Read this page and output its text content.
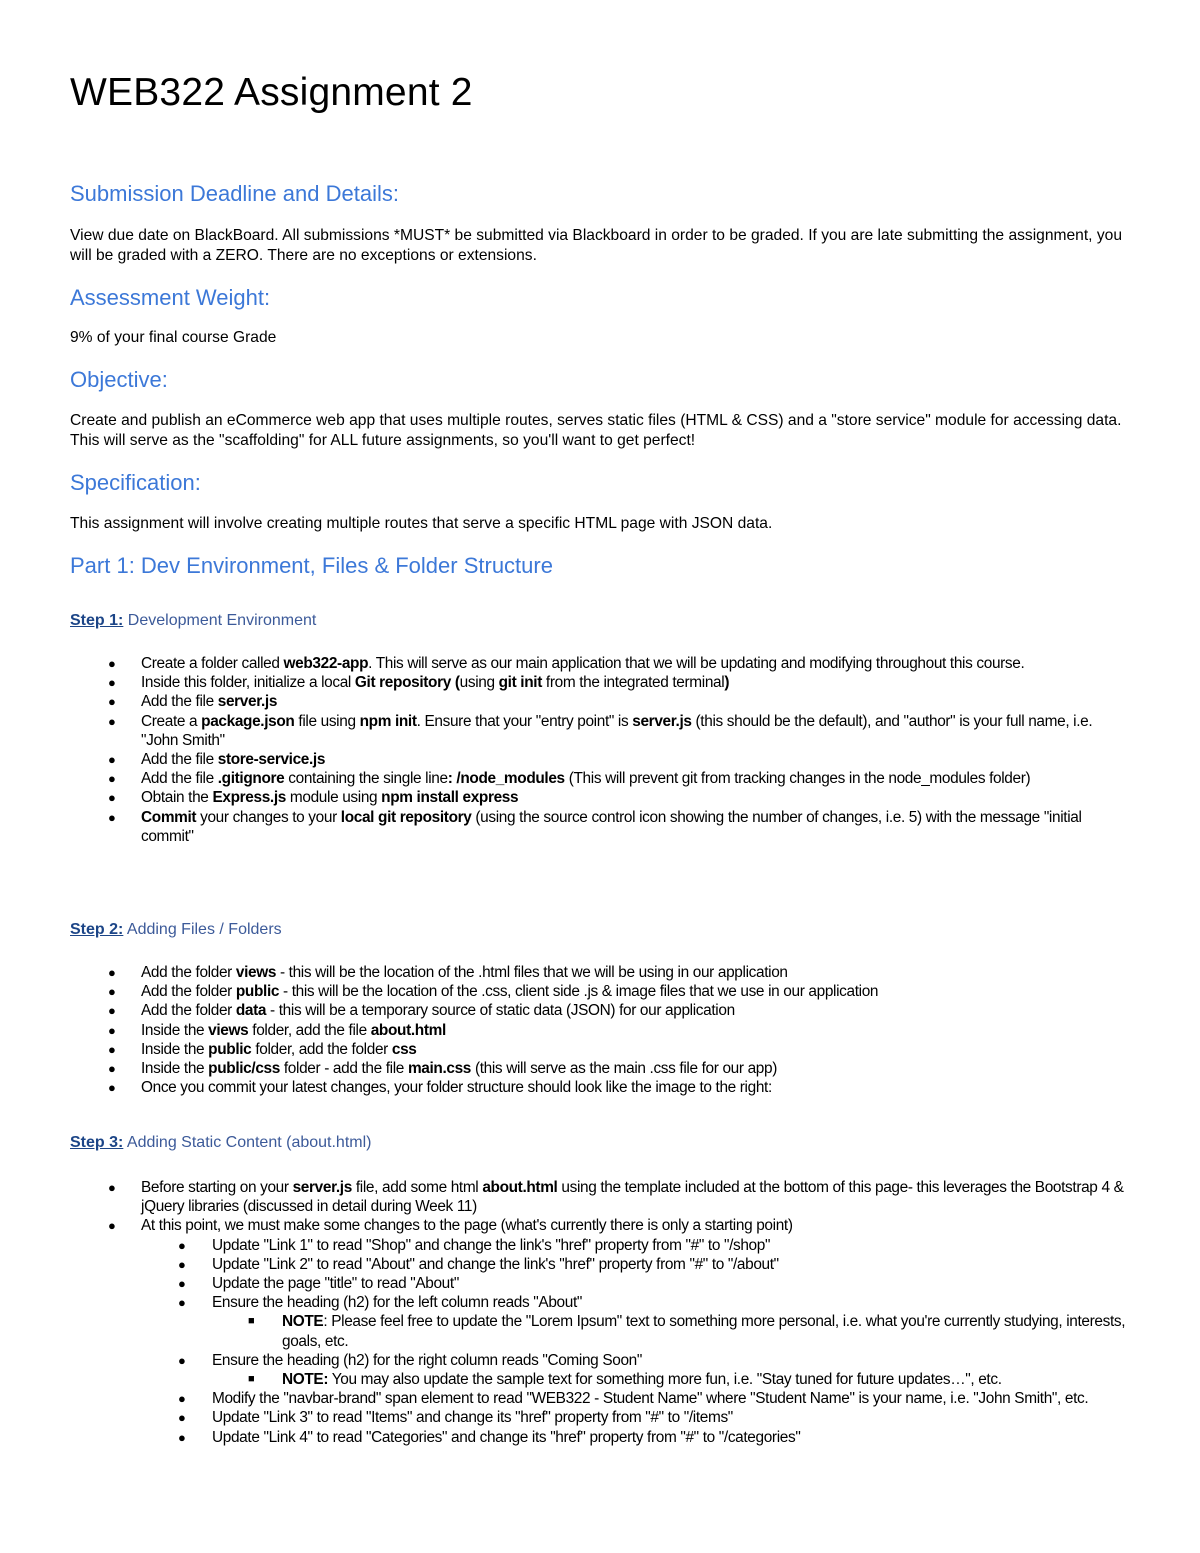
WEB322 Assignment 2
Submission Deadline and Details:

View due date on BlackBoard. All submissions *MUST* be submitted via Blackboard in order to be graded. If you are late submitting the assignment, you will be graded with a ZERO. There are no exceptions or extensions.

Assessment Weight:

9% of your final course Grade

Objective:

Create and publish an eCommerce web app that uses multiple routes, serves static files (HTML & CSS) and a "store service" module for accessing data. This will serve as the "scaffolding" for ALL future assignments, so you'll want to get perfect!

Specification:

This assignment will involve creating multiple routes that serve a specific HTML page with JSON data.

Part 1: Dev Environment, Files & Folder Structure

Step 1: Development Environment

● Create a folder called web322-app. This will serve as our main application that we will be updating and modifying throughout this course.
● Inside this folder, initialize a local Git repository (using git init from the integrated terminal)
● Add the file server.js
● Create a package.json file using npm init. Ensure that your "entry point" is server.js (this should be the default), and "author" is your full name, i.e. "John Smith"
● Add the file store-service.js
● Add the file .gitignore containing the single line: /node_modules (This will prevent git from tracking changes in the node_modules folder)
● Obtain the Express.js module using npm install express
● Commit your changes to your local git repository (using the source control icon showing the number of changes, i.e. 5) with the message "initial commit"

Step 2: Adding Files / Folders

● Add the folder views - this will be the location of the .html files that we will be using in our application
● Add the folder public - this will be the location of the .css, client side .js & image files that we use in our application
● Add the folder data - this will be a temporary source of static data (JSON) for our application
● Inside the views folder, add the file about.html
● Inside the public folder, add the folder css
● Inside the public/css folder - add the file main.css (this will serve as the main .css file for our app)
● Once you commit your latest changes, your folder structure should look like the image to the right:

Step 3: Adding Static Content (about.html)

● Before starting on your server.js file, add some html about.html using the template included at the bottom of this page- this leverages the Bootstrap 4 & jQuery libraries (discussed in detail during Week 11)
● At this point, we must make some changes to the page (what's currently there is only a starting point)
● Update "Link 1" to read "Shop" and change the link's "href" property from "#" to "/shop"
● Update "Link 2" to read "About" and change the link's "href" property from "#" to "/about"
● Update the page "title" to read "About"
● Ensure the heading (h2) for the left column reads "About"
■ NOTE: Please feel free to update the "Lorem Ipsum" text to something more personal, i.e. what you're currently studying, interests, goals, etc.
● Ensure the heading (h2) for the right column reads "Coming Soon"
■ NOTE: You may also update the sample text for something more fun, i.e. "Stay tuned for future updates…", etc.
● Modify the "navbar-brand" span element to read "WEB322 - Student Name" where "Student Name" is your name, i.e. "John Smith", etc.
● Update "Link 3" to read "Items" and change its "href" property from "#" to "/items"
● Update "Link 4" to read "Categories" and change its "href" property from "#" to "/categories"
